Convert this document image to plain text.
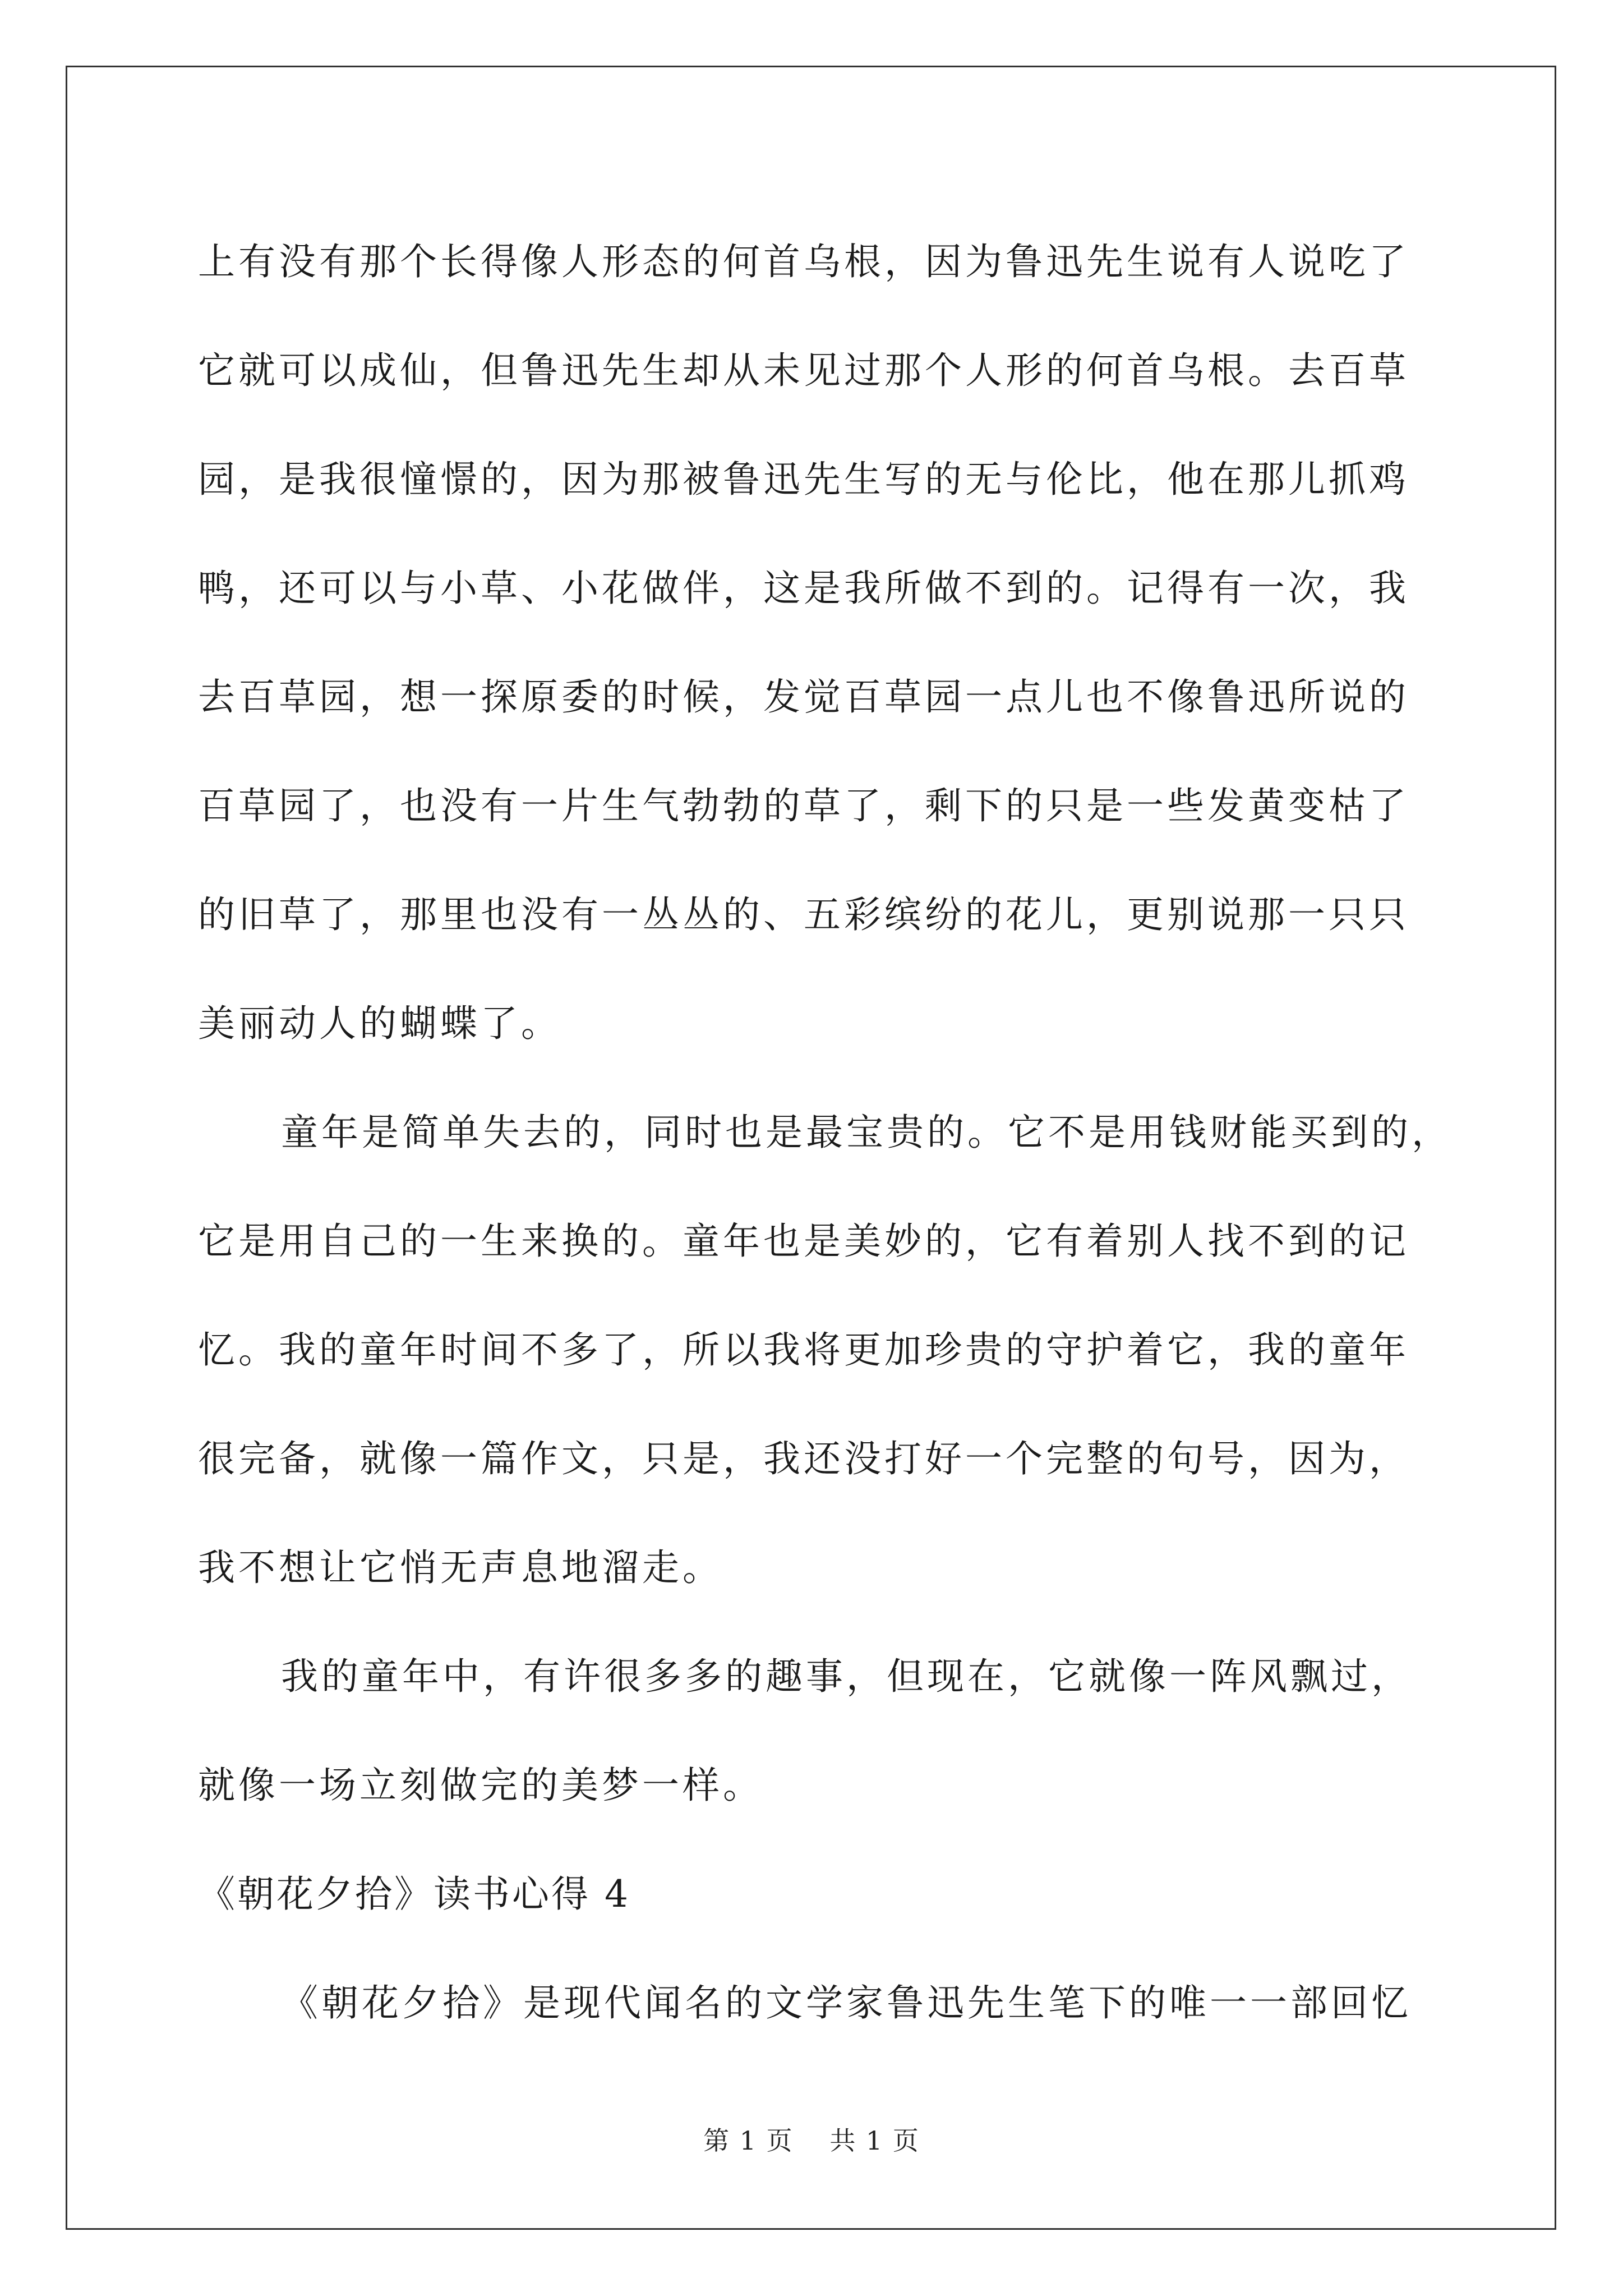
上有没有那个长得像人形态的何首乌根，因为鲁迅先生说有人说吃了
它就可以成仙，但鲁迅先生却从未见过那个人形的何首乌根。去百草
园，是我很憧憬的，因为那被鲁迅先生写的无与伦比，他在那儿抓鸡
鸭，还可以与小草、小花做伴，这是我所做不到的。记得有一次，我
去百草园，想一探原委的时候，发觉百草园一点儿也不像鲁迅所说的
百草园了，也没有一片生气勃勃的草了，剩下的只是一些发黄变枯了
的旧草了，那里也没有一丛丛的、五彩缤纷的花儿，更别说那一只只
美丽动人的蝴蝶了。
童年是简单失去的，同时也是最宝贵的。它不是用钱财能买到的，
它是用自己的一生来换的。童年也是美妙的，它有着别人找不到的记
忆。我的童年时间不多了，所以我将更加珍贵的守护着它，我的童年
很完备，就像一篇作文，只是，我还没打好一个完整的句号，因为，
我不想让它悄无声息地溜走。
我的童年中，有许很多多的趣事，但现在，它就像一阵风飘过，
就像一场立刻做完的美梦一样。
《朝花夕拾》读书心得 4
《朝花夕拾》是现代闻名的文学家鲁迅先生笔下的唯一一部回忆
第 1 页 共 1 页
